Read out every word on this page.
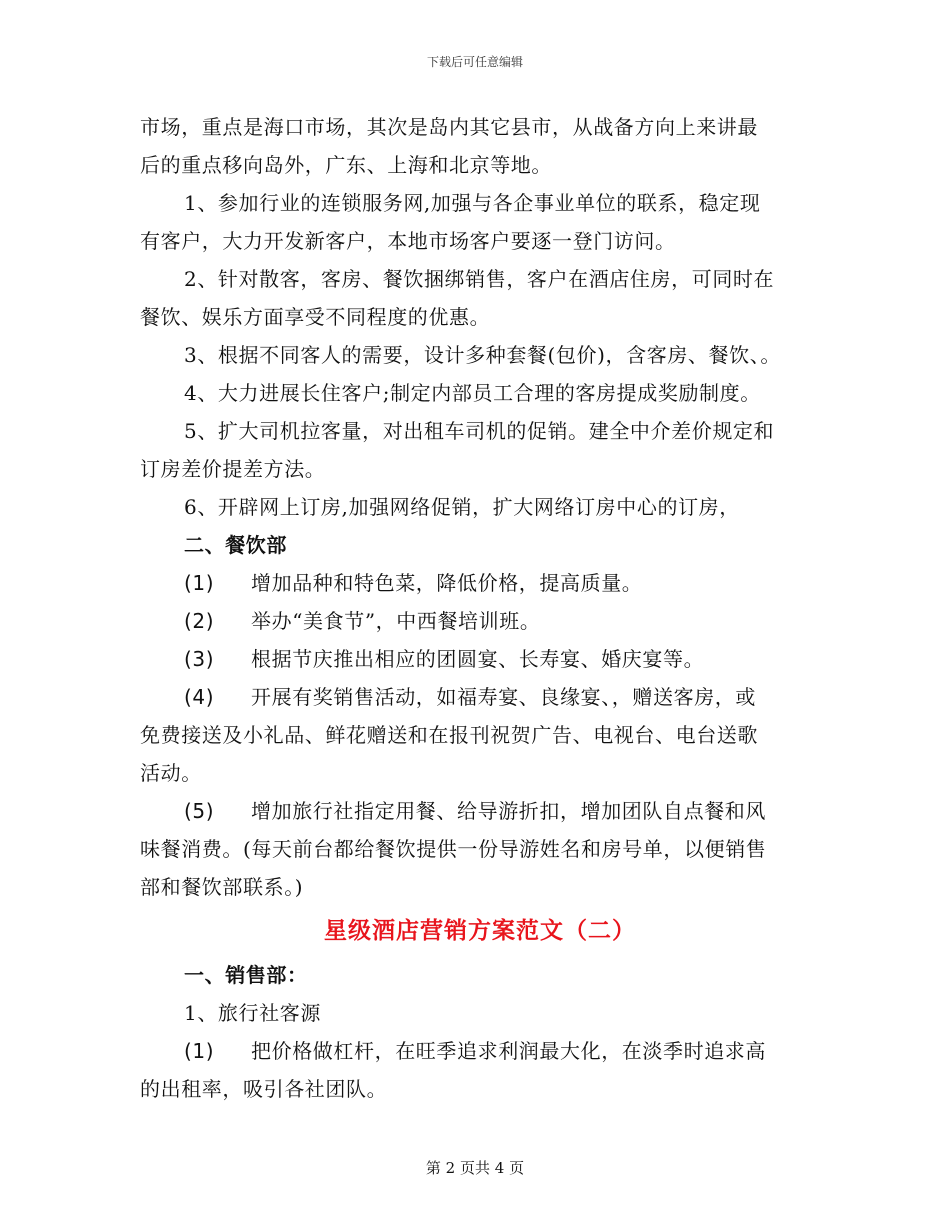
下载后可任意编辑
市场，重点是海口市场，其次是岛内其它县市，从战备方向上来讲最
后的重点移向岛外，广东、上海和北京等地。
1、参加行业的连锁服务网,加强与各企事业单位的联系，稳定现
有客户，大力开发新客户，本地市场客户要逐一登门访问。
2、针对散客，客房、餐饮捆绑销售，客户在酒店住房，可同时在
餐饮、娱乐方面享受不同程度的优惠。
3、根据不同客人的需要，设计多种套餐(包价)，含客房、餐饮、。
4、大力进展长住客户;制定内部员工合理的客房提成奖励制度。
5、扩大司机拉客量，对出租车司机的促销。建全中介差价规定和
订房差价提差方法。
6、开辟网上订房,加强网络促销，扩大网络订房中心的订房，
二、餐饮部
(1) 增加品种和特色菜，降低价格，提高质量。
(2) 举办“美食节”，中西餐培训班。
(3) 根据节庆推出相应的团圆宴、长寿宴、婚庆宴等。
(4) 开展有奖销售活动，如福寿宴、良缘宴、，赠送客房，或
免费接送及小礼品、鲜花赠送和在报刊祝贺广告、电视台、电台送歌
活动。
(5) 增加旅行社指定用餐、给导游折扣，增加团队自点餐和风
味餐消费。(每天前台都给餐饮提供一份导游姓名和房号单，以便销售
部和餐饮部联系。)
星级酒店营销方案范文（二）
一、销售部：
1、旅行社客源
(1) 把价格做杠杆，在旺季追求利润最大化，在淡季时追求高
的出租率，吸引各社团队。
第 2 页共 4 页
